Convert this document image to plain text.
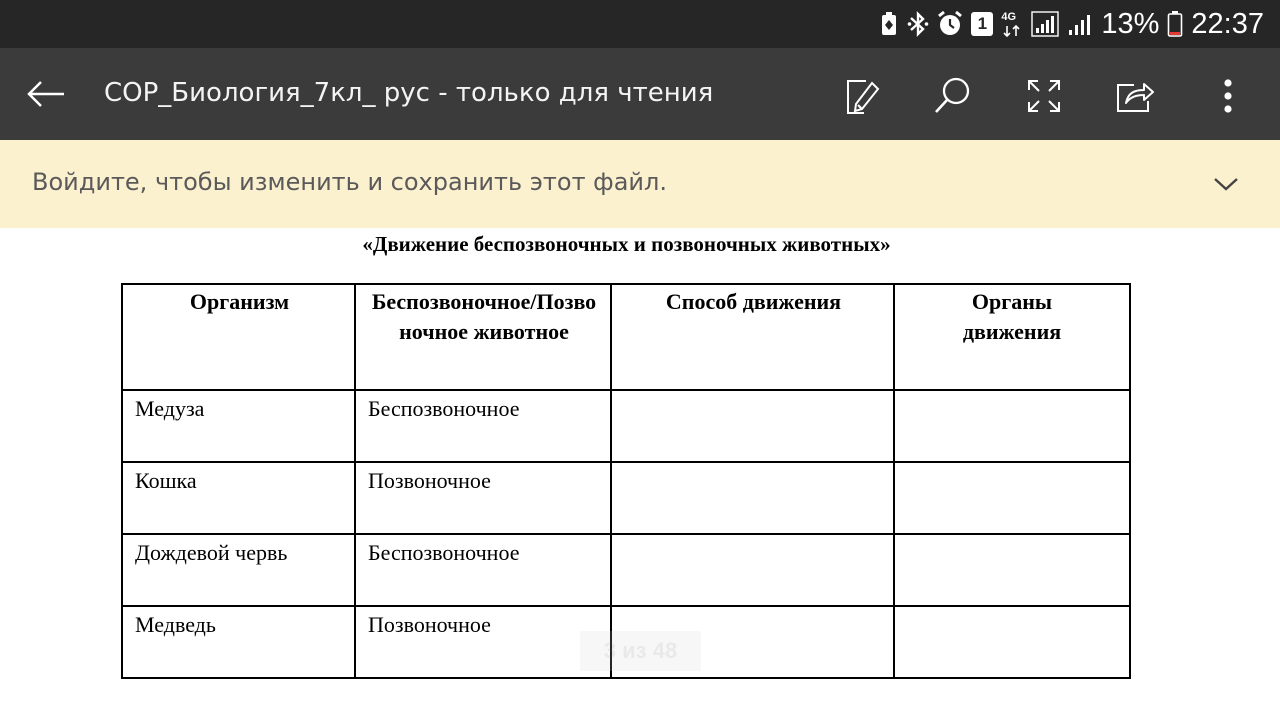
1 4G	13% 22:37
СОР_Биология_7кл_ рус - только для чтения
Войдите, чтобы изменить и сохранить этот файл.
«Движение беспозвоночных и позвоночных животных»
Организм	Беспозвоночное/Позвоночное животное	Способ движения	Органы движения
Медуза	Беспозвоночное		
Кошка	Позвоночное		
Дождевой червь	Беспозвоночное		
Медведь	Позвоночное		
3 из 48
